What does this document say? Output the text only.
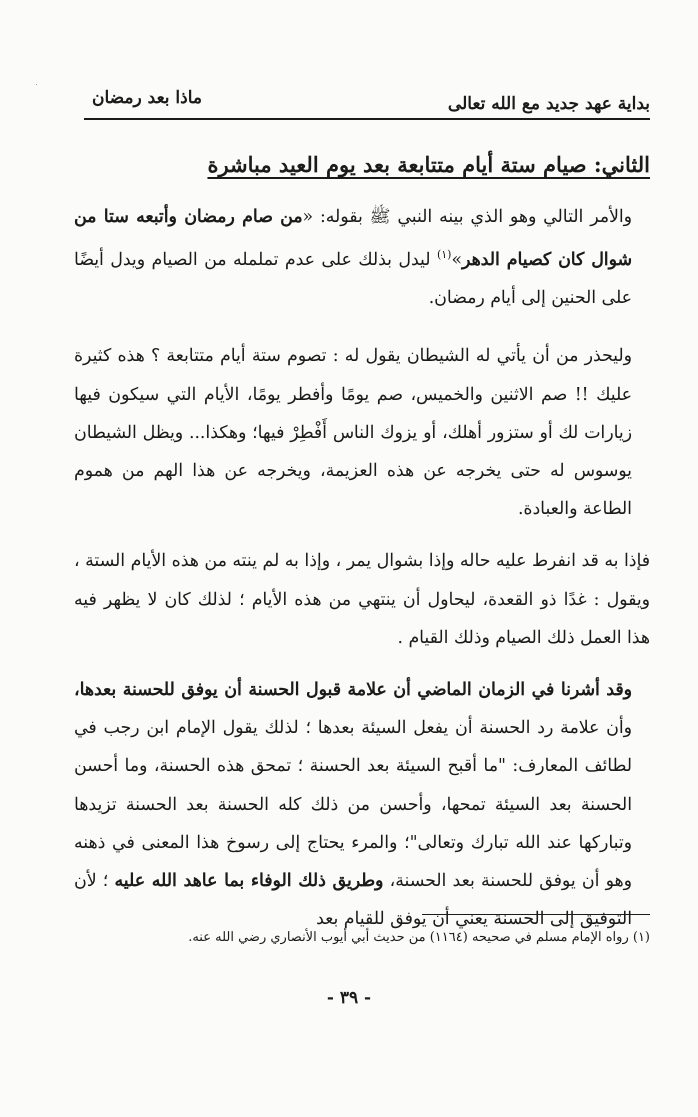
بداية عهد جديد مع الله تعالى
ماذا بعد رمضان
الثاني: صيام ستة أيام متتابعة بعد يوم العيد مباشرة

والأمر التالي وهو الذي بينه النبي ﷺ بقوله: «من صام رمضان وأتبعه ستا من شوال كان كصيام الدهر»$^{(١)}$ ليدل بذلك على عدم تململه من الصيام ويدل أيضًا على الحنين إلى أيام رمضان.

وليحذر من أن يأتي له الشيطان يقول له : تصوم ستة أيام متتابعة ؟ هذه كثيرة عليك !! صم الاثنين والخميس، صم يومًا وأفطر يومًا، الأيام التي سيكون فيها زيارات لك أو ستزور أهلك، أو يزوك الناس أَفْطِرْ فيها؛ وهكذا... ويظل الشيطان يوسوس له حتى يخرجه عن هذه العزيمة، ويخرجه عن هذا الهم من هموم الطاعة والعبادة.

فإذا به قد انفرط عليه حاله وإذا بشوال يمر ، وإذا به لم ينته من هذه الأيام الستة ، ويقول : غدًا ذو القعدة، ليحاول أن ينتهي من هذه الأيام ؛ لذلك كان لا يظهر فيه هذا العمل ذلك الصيام وذلك القيام .

وقد أشرنا في الزمان الماضي أن علامة قبول الحسنة أن يوفق للحسنة بعدها، وأن علامة رد الحسنة أن يفعل السيئة بعدها ؛ لذلك يقول الإمام ابن رجب في لطائف المعارف: "ما أقبح السيئة بعد الحسنة ؛ تمحق هذه الحسنة، وما أحسن الحسنة بعد السيئة تمحها، وأحسن من ذلك كله الحسنة بعد الحسنة تزيدها وتباركها عند الله تبارك وتعالى"؛ والمرء يحتاج إلى رسوخ هذا المعنى في ذهنه وهو أن يوفق للحسنة بعد الحسنة، وطريق ذلك الوفاء بما عاهد الله عليه ؛ لأن التوفيق إلى الحسنة يعني أن يوفق للقيام بعد

(١) رواه الإمام مسلم في صحيحه (١١٦٤) من حديث أبي أيوب الأنصاري رضي الله عنه.
- ٣٩ -
